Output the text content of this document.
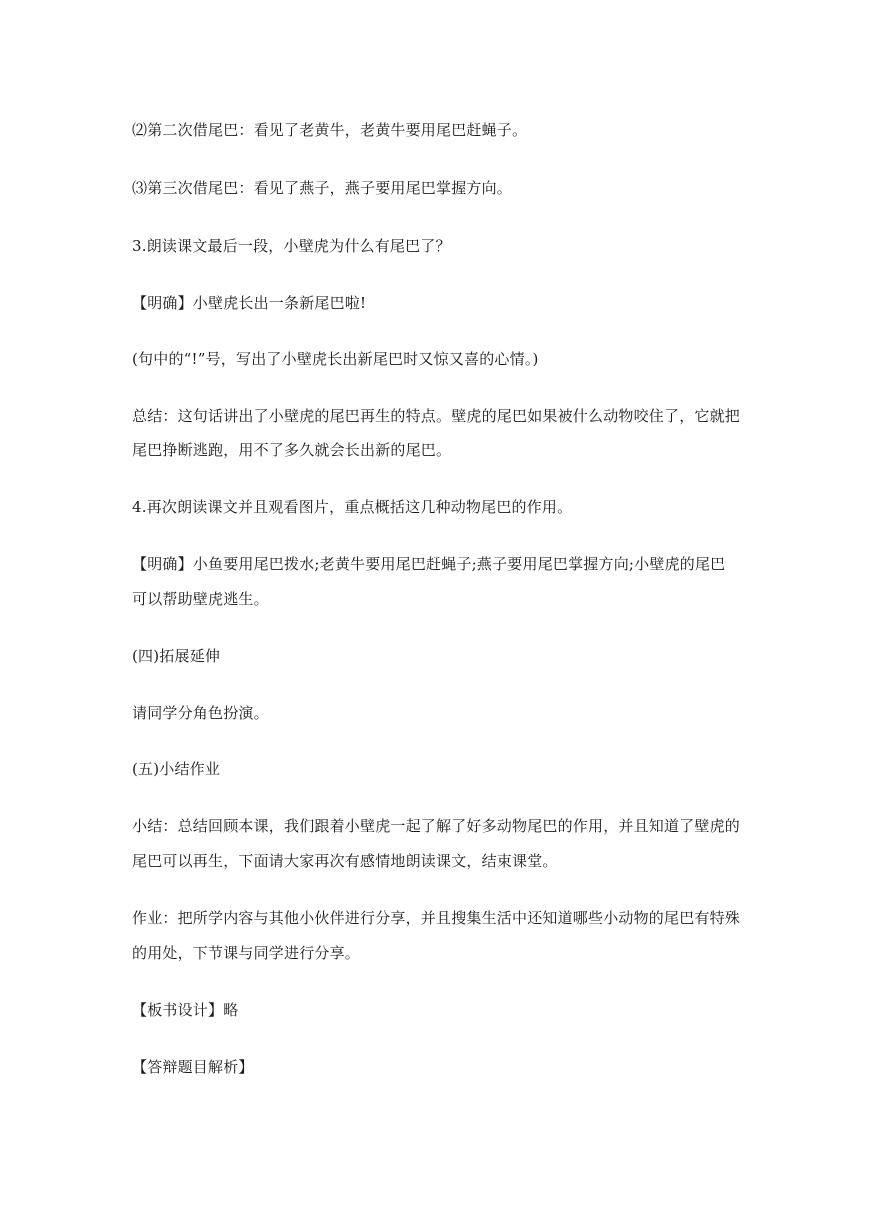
⑵第二次借尾巴：看见了老黄牛，老黄牛要用尾巴赶蝇子。
⑶第三次借尾巴：看见了燕子，燕子要用尾巴掌握方向。
3.朗读课文最后一段，小壁虎为什么有尾巴了？
【明确】小壁虎长出一条新尾巴啦!
(句中的“!”号，写出了小壁虎长出新尾巴时又惊又喜的心情。)
总结：这句话讲出了小壁虎的尾巴再生的特点。壁虎的尾巴如果被什么动物咬住了，它就把
尾巴挣断逃跑，用不了多久就会长出新的尾巴。
4.再次朗读课文并且观看图片，重点概括这几种动物尾巴的作用。
【明确】小鱼要用尾巴拨水;老黄牛要用尾巴赶蝇子;燕子要用尾巴掌握方向;小壁虎的尾巴
可以帮助壁虎逃生。
(四)拓展延伸
请同学分角色扮演。
(五)小结作业
小结：总结回顾本课，我们跟着小壁虎一起了解了好多动物尾巴的作用，并且知道了壁虎的
尾巴可以再生，下面请大家再次有感情地朗读课文，结束课堂。
作业：把所学内容与其他小伙伴进行分享，并且搜集生活中还知道哪些小动物的尾巴有特殊
的用处，下节课与同学进行分享。
【板书设计】略
【答辩题目解析】
